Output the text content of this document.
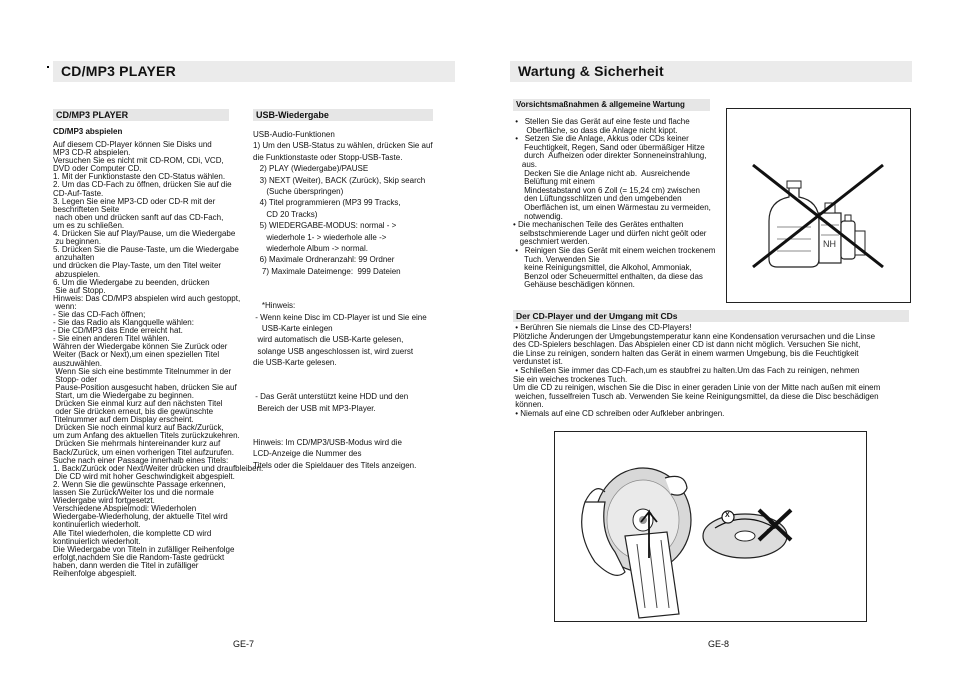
CD/MP3 PLAYER
CD/MP3 PLAYER
CD/MP3 abspielen
Auf diesem CD-Player können Sie Disks und
MP3 CD-R abspielen.
Versuchen Sie es nicht mit CD-ROM, CDi, VCD,
DVD oder Computer CD.
1. Mit der Funktionstaste den CD-Status wählen.
2. Um das CD-Fach zu öffnen, drücken Sie auf die
CD-Auf-Taste.
3. Legen Sie eine MP3-CD oder CD-R mit der
beschrifteten Seite
nach oben und drücken sanft auf das CD-Fach,
um es zu schließen.
4. Drücken Sie auf Play/Pause, um die Wiedergabe
zu beginnen.
5. Drücken Sie die Pause-Taste, um die Wiedergabe
anzuhalten
und drücken die Play-Taste, um den Titel weiter
abzuspielen.
6. Um die Wiedergabe zu beenden, drücken
Sie auf Stopp.
Hinweis: Das CD/MP3 abspielen wird auch gestoppt,
wenn:
- Sie das CD-Fach öffnen;
- Sie das Radio als Klangquelle wählen:
- Die CD/MP3 das Ende erreicht hat.
- Sie einen anderen Titel wählen.
Währen der Wiedergabe können Sie Zurück oder
Weiter (Back or Next),um einen speziellen Titel
auszuwählen.
Wenn Sie sich eine bestimmte Titelnummer in der
Stopp- oder
Pause-Position ausgesucht haben, drücken Sie auf
Start, um die Wiedergabe zu beginnen.
Drücken Sie einmal kurz auf den nächsten Titel
oder Sie drücken erneut, bis die gewünschte
Titelnummer auf dem Display erscheint.
Drücken Sie noch einmal kurz auf Back/Zurück,
um zum Anfang des aktuellen Titels zurückzukehren.
Drücken Sie mehrmals hintereinander kurz auf
Back/Zurück, um einen vorherigen Titel aufzurufen.
Suche nach einer Passage innerhalb eines Titels:
1. Back/Zurück oder Next/Weiter drücken und draufbleiben.
Die CD wird mit hoher Geschwindigkeit abgespielt.
2. Wenn Sie die gewünschte Passage erkennen,
lassen Sie Zurück/Weiter los und die normale
Wiedergabe wird fortgesetzt.
Verschiedene Abspielmodi: Wiederholen
Wiedergabe-Wiederholung, der aktuelle Titel wird
kontinuierlich wiederholt.
Alle Titel wiederholen, die komplette CD wird
kontinuierlich wiederholt.
Die Wiedergabe von Titeln in zufälliger Reihenfolge
erfolgt,nachdem Sie die Random-Taste gedrückt
haben, dann werden die Titel in zufälliger
Reihenfolge abgespielt.
USB-Wiedergabe
USB-Audio-Funktionen
1) Um den USB-Status zu wählen, drücken Sie auf
die Funktionstaste oder Stopp-USB-Taste.
2) PLAY (Wiedergabe)/PAUSE
3) NEXT (Weiter), BACK (Zurück), Skip search
(Suche überspringen)
4) Titel programmieren (MP3 99 Tracks,
CD 20 Tracks)
5) WIEDERGABE-MODUS: normal - >
wiederhole 1- > wiederhole alle ->
wiederhole Album -> normal.
6) Maximale Ordneranzahl: 99 Ordner
7) Maximale Dateimenge:  999 Dateien

*Hinweis:
- Wenn keine Disc im CD-Player ist und Sie eine
USB-Karte einlegen
wird automatisch die USB-Karte gelesen,
solange USB angeschlossen ist, wird zuerst
die USB-Karte gelesen.

- Das Gerät unterstützt keine HDD und den
Bereich der USB mit MP3-Player.

Hinweis: Im CD/MP3/USB-Modus wird die
LCD-Anzeige die Nummer des
Titels oder die Spieldauer des Titels anzeigen.
GE-7
Wartung & Sicherheit
Vorsichtsmaßnahmen & allgemeine Wartung
•   Stellen Sie das Gerät auf eine feste und flache
Oberfläche, so dass die Anlage nicht kippt.
•   Setzen Sie die Anlage, Akkus oder CDs keiner
Feuchtigkeit, Regen, Sand oder übermäßiger Hitze
durch  Aufheizen oder direkter Sonneneinstrahlung,
aus.
Decken Sie die Anlage nicht ab.  Ausreichende
Belüftung mit einem
Mindestabstand von 6 Zoll (= 15,24 cm) zwischen
den Lüftungsschlitzen und den umgebenden
Oberflächen ist, um einen Wärmestau zu vermeiden,
notwendig.
• Die mechanischen Teile des Gerätes enthalten
selbstschmierende Lager und dürfen nicht geölt oder
geschmiert werden.
•   Reinigen Sie das Gerät mit einem weichen trockenem
Tuch. Verwenden Sie
keine Reinigungsmittel, die Alkohol, Ammoniak,
Benzol oder Scheuermittel enthalten, da diese das
Gehäuse beschädigen können.
NH
Der CD-Player und der Umgang mit CDs
• Berühren Sie niemals die Linse des CD-Players!
Plötzliche Änderungen der Umgebungstemperatur kann eine Kondensation verursachen und die Linse
des CD-Spielers beschlagen. Das Abspielen einer CD ist dann nicht möglich. Versuchen Sie nicht,
die Linse zu reinigen, sondern halten das Gerät in einem warmen Umgebung, bis die Feuchtigkeit
verdunstet ist.
• Schließen Sie immer das CD-Fach,um es staubfrei zu halten.Um das Fach zu reinigen, nehmen
Sie ein weiches trockenes Tuch.
Um die CD zu reinigen, wischen Sie die Disc in einer geraden Linie von der Mitte nach außen mit einem
weichen, fusselfreien Tusch ab. Verwenden Sie keine Reinigungsmittel, da diese die Disc beschädigen
können.
• Niemals auf eine CD schreiben oder Aufkleber anbringen.
X
GE-8
